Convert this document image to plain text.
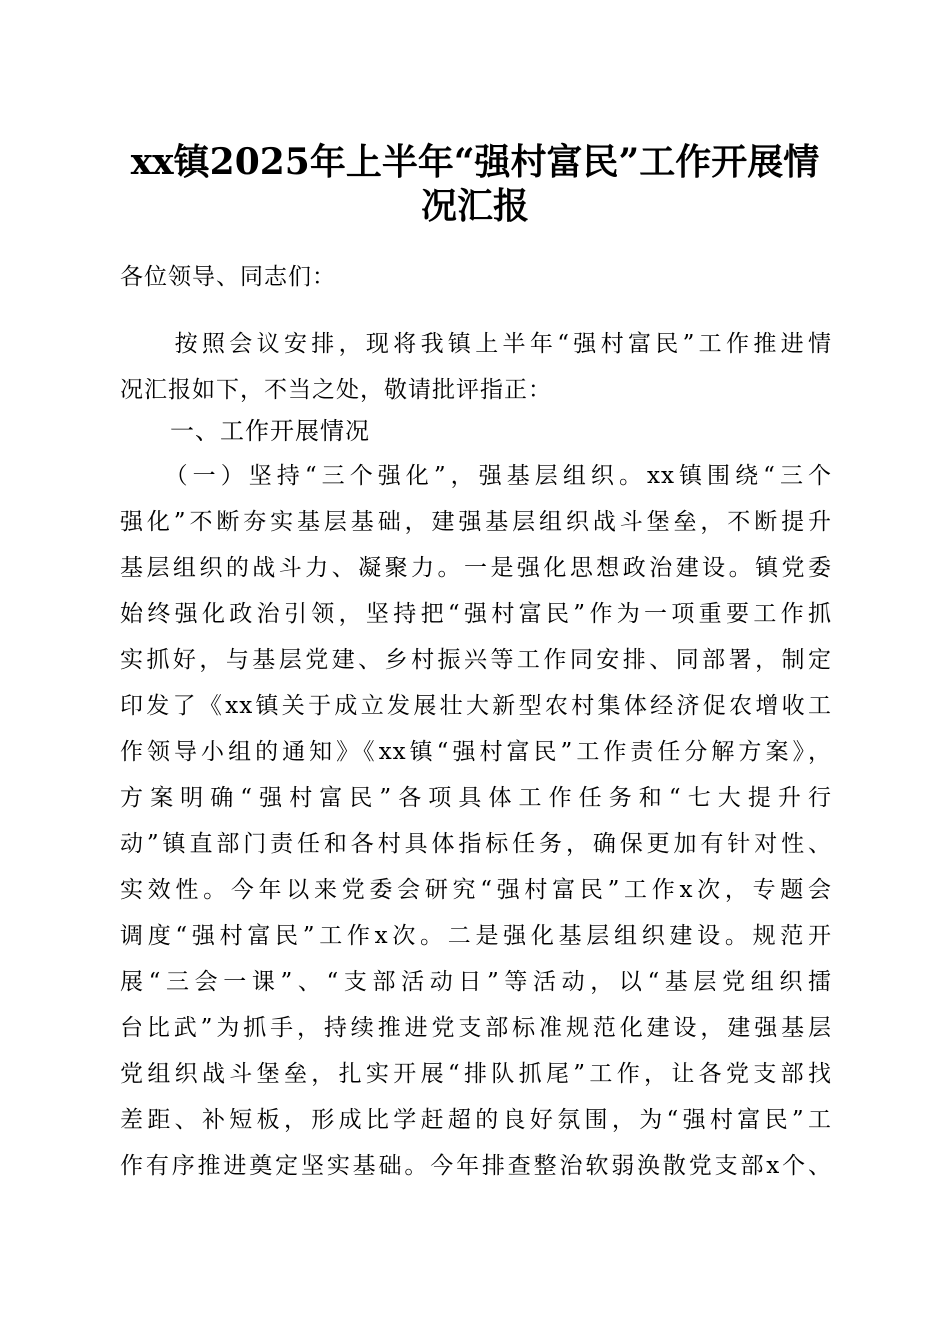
xx镇2025年上半年“强村富民”工作开展情
况汇报

各位领导、同志们：

　　按照会议安排，现将我镇上半年“强村富民”工作推进情

况汇报如下，不当之处，敬请批评指正：

　　一、工作开展情况

　　（一）坚持“三个强化”，强基层组织。xx镇围绕“三个

强化”不断夯实基层基础，建强基层组织战斗堡垒，不断提升

基层组织的战斗力、凝聚力。一是强化思想政治建设。镇党委

始终强化政治引领，坚持把“强村富民”作为一项重要工作抓

实抓好，与基层党建、乡村振兴等工作同安排、同部署，制定

印发了《xx镇关于成立发展壮大新型农村集体经济促农增收工

作领导小组的通知》《xx镇“强村富民”工作责任分解方案》，

方案明确“强村富民”各项具体工作任务和“七大提升行

动”镇直部门责任和各村具体指标任务，确保更加有针对性、

实效性。今年以来党委会研究“强村富民”工作x次，专题会

调度“强村富民”工作x次。二是强化基层组织建设。规范开

展“三会一课”、“支部活动日”等活动，以“基层党组织擂

台比武”为抓手，持续推进党支部标准规范化建设，建强基层

党组织战斗堡垒，扎实开展“排队抓尾”工作，让各党支部找

差距、补短板，形成比学赶超的良好氛围，为“强村富民”工

作有序推进奠定坚实基础。今年排查整治软弱涣散党支部x个、
